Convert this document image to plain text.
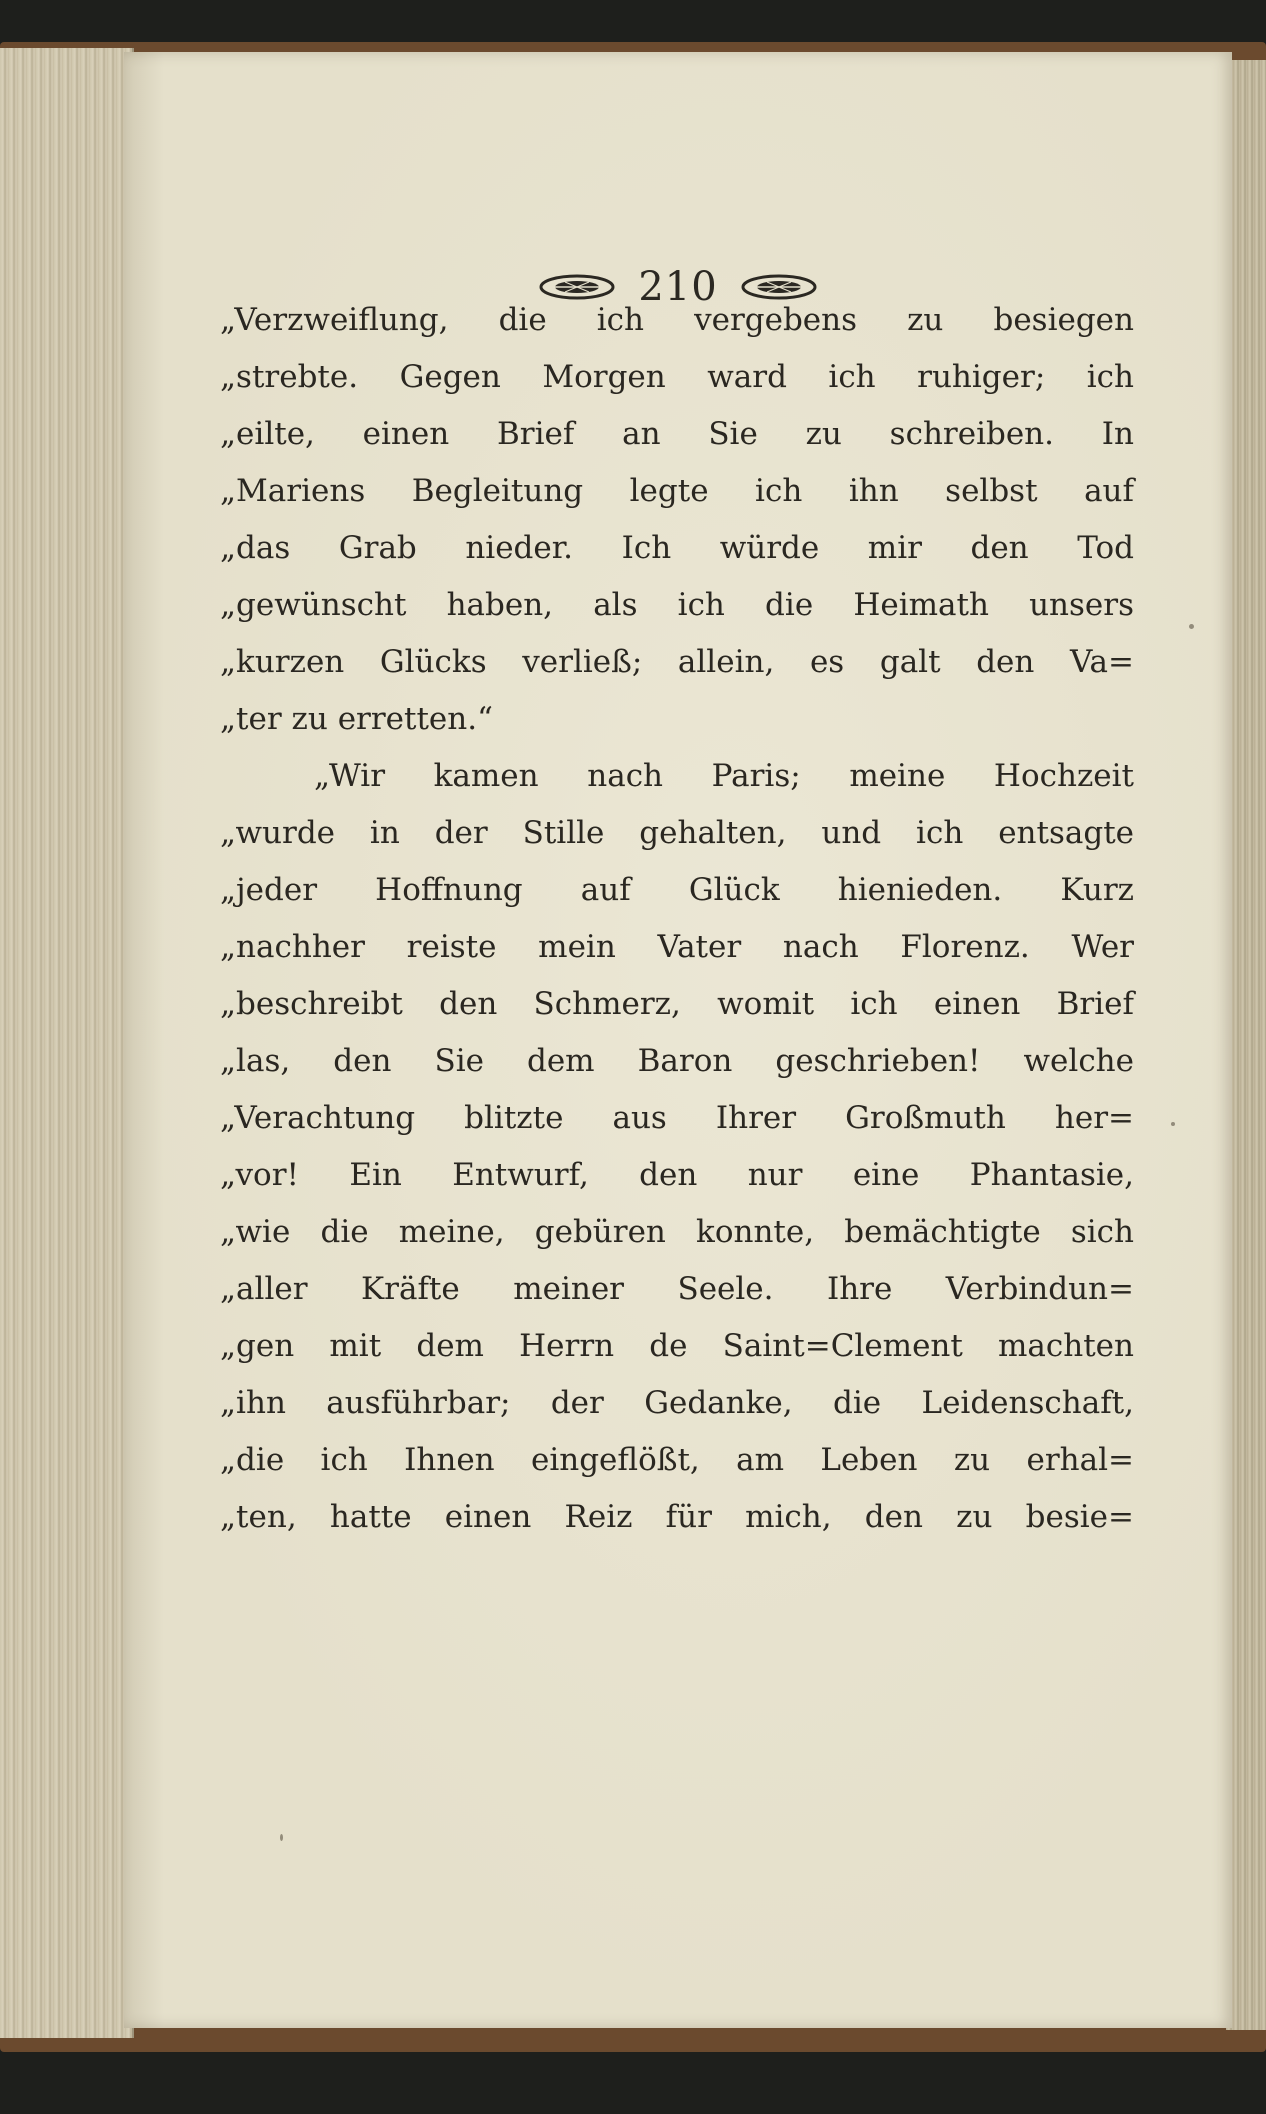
210
„Verzweiflung, die ich vergebens zu besiegen
„strebte. Gegen Morgen ward ich ruhiger; ich
„eilte, einen Brief an Sie zu schreiben. In
„Mariens Begleitung legte ich ihn selbst auf
„das Grab nieder. Ich würde mir den Tod
„gewünscht haben, als ich die Heimath unsers
„kurzen Glücks verließ; allein, es galt den Va=
„ter zu erretten.“
„Wir kamen nach Paris; meine Hochzeit
„wurde in der Stille gehalten, und ich entsagte
„jeder Hoffnung auf Glück hienieden. Kurz
„nachher reiste mein Vater nach Florenz. Wer
„beschreibt den Schmerz, womit ich einen Brief
„las, den Sie dem Baron geschrieben! welche
„Verachtung blitzte aus Ihrer Großmuth her=
„vor! Ein Entwurf, den nur eine Phantasie,
„wie die meine, gebüren konnte, bemächtigte sich
„aller Kräfte meiner Seele. Ihre Verbindun=
„gen mit dem Herrn de Saint=Clement machten
„ihn ausführbar; der Gedanke, die Leidenschaft,
„die ich Ihnen eingeflößt, am Leben zu erhal=
„ten, hatte einen Reiz für mich, den zu besie=
